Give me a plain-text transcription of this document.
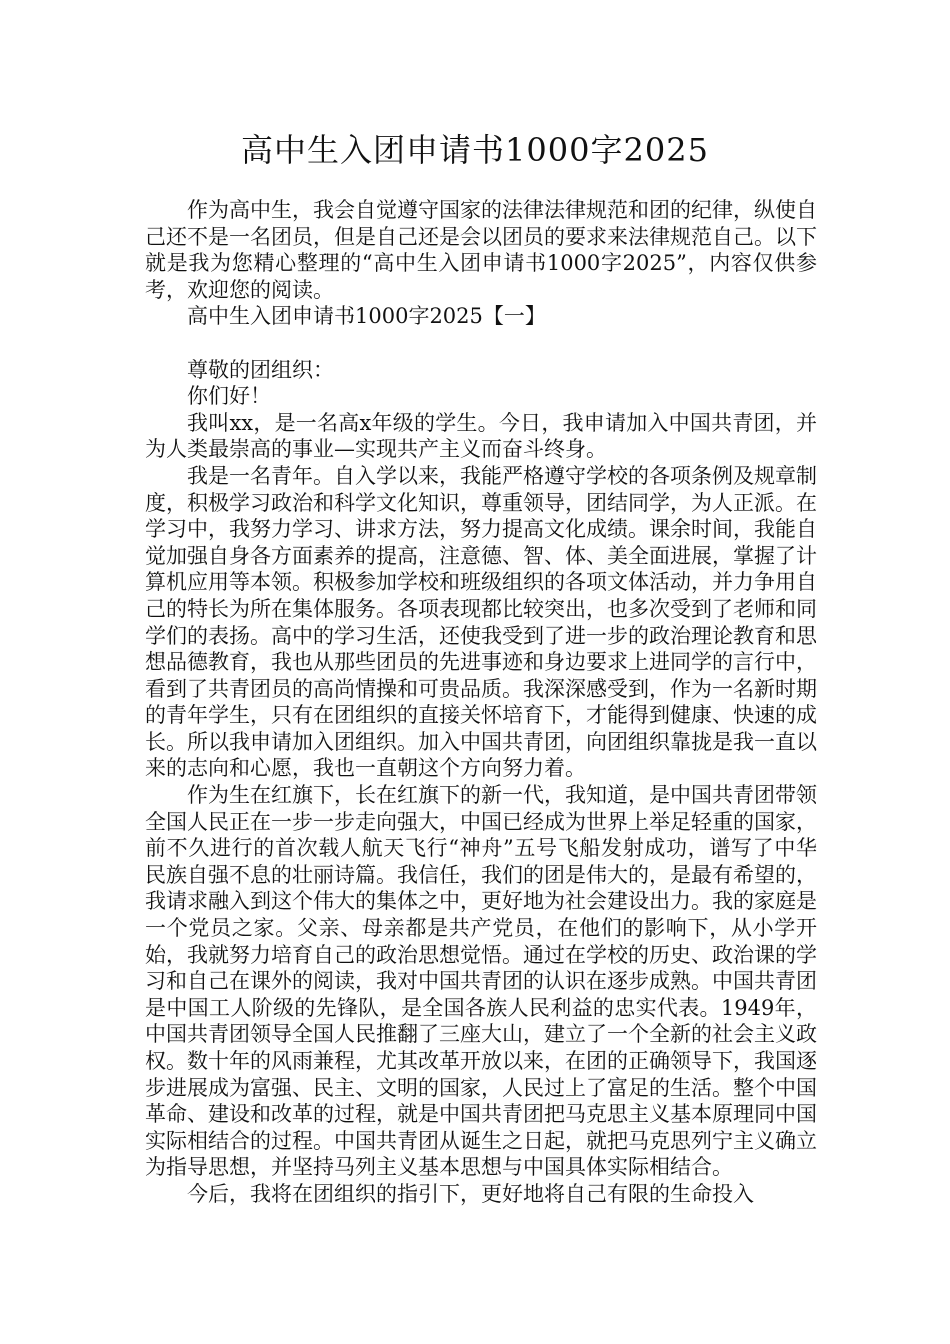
高中生入团申请书1000字2025

作为高中生，我会自觉遵守国家的法律法律规范和团的纪律，纵使自己还不是一名团员，但是自己还是会以团员的要求来法律规范自己。以下就是我为您精心整理的“高中生入团申请书1000字2025”，内容仅供参考，欢迎您的阅读。

高中生入团申请书1000字2025【一】

尊敬的团组织：

你们好！

我叫xx，是一名高x年级的学生。今日，我申请加入中国共青团，并为人类最崇高的事业—实现共产主义而奋斗终身。

我是一名青年。自入学以来，我能严格遵守学校的各项条例及规章制度，积极学习政治和科学文化知识，尊重领导，团结同学，为人正派。在学习中，我努力学习、讲求方法，努力提高文化成绩。课余时间，我能自觉加强自身各方面素养的提高，注意德、智、体、美全面进展，掌握了计算机应用等本领。积极参加学校和班级组织的各项文体活动，并力争用自己的特长为所在集体服务。各项表现都比较突出，也多次受到了老师和同学们的表扬。高中的学习生活，还使我受到了进一步的政治理论教育和思想品德教育，我也从那些团员的先进事迹和身边要求上进同学的言行中，看到了共青团员的高尚情操和可贵品质。我深深感受到，作为一名新时期的青年学生，只有在团组织的直接关怀培育下，才能得到健康、快速的成长。所以我申请加入团组织。加入中国共青团，向团组织靠拢是我一直以来的志向和心愿，我也一直朝这个方向努力着。

作为生在红旗下，长在红旗下的新一代，我知道，是中国共青团带领全国人民正在一步一步走向强大，中国已经成为世界上举足轻重的国家，前不久进行的首次载人航天飞行“神舟”五号飞船发射成功，谱写了中华民族自强不息的壮丽诗篇。我信任，我们的团是伟大的，是最有希望的，我请求融入到这个伟大的集体之中，更好地为社会建设出力。我的家庭是一个党员之家。父亲、母亲都是共产党员，在他们的影响下，从小学开始，我就努力培育自己的政治思想觉悟。通过在学校的历史、政治课的学习和自己在课外的阅读，我对中国共青团的认识在逐步成熟。中国共青团是中国工人阶级的先锋队，是全国各族人民利益的忠实代表。1949年，中国共青团领导全国人民推翻了三座大山，建立了一个全新的社会主义政权。数十年的风雨兼程，尤其改革开放以来，在团的正确领导下，我国逐步进展成为富强、民主、文明的国家，人民过上了富足的生活。整个中国革命、建设和改革的过程，就是中国共青团把马克思主义基本原理同中国实际相结合的过程。中国共青团从诞生之日起，就把马克思列宁主义确立为指导思想，并坚持马列主义基本思想与中国具体实际相结合。

今后，我将在团组织的指引下，更好地将自己有限的生命投入
